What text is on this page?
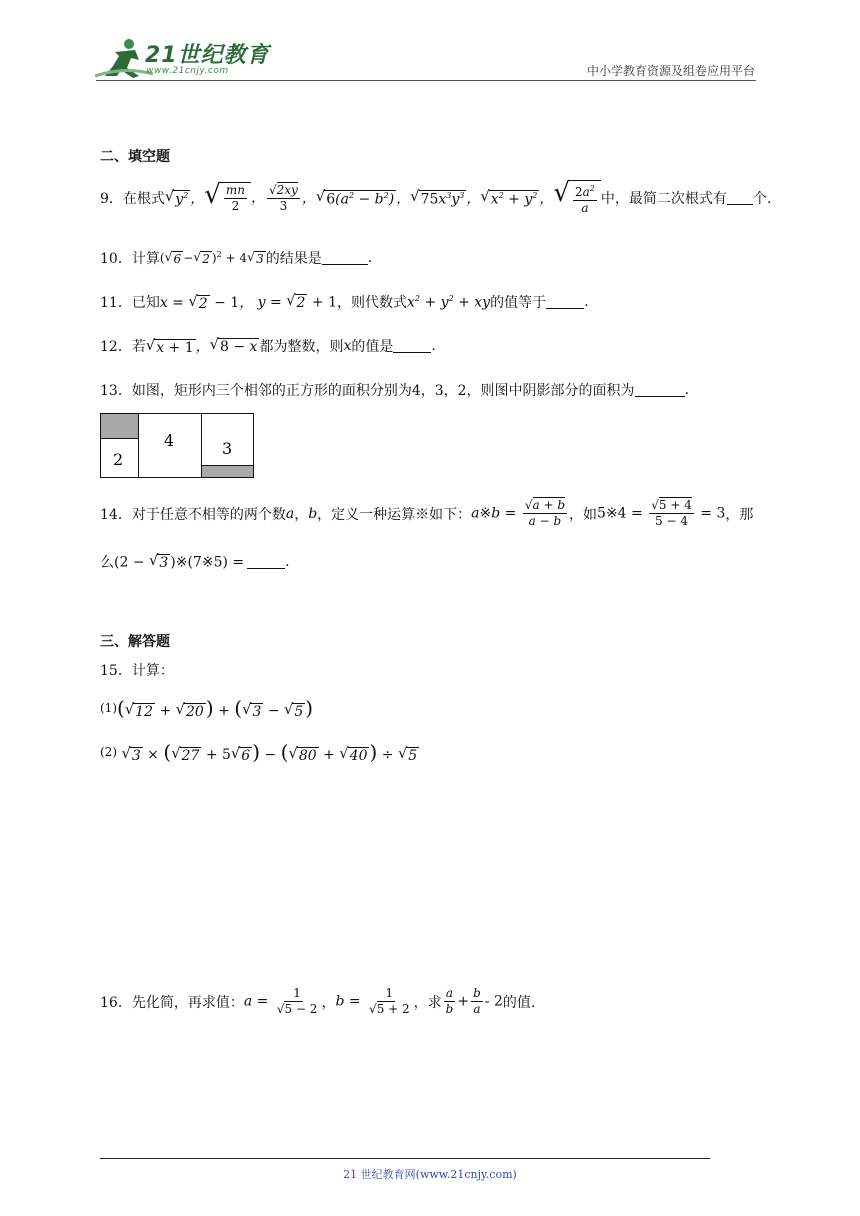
21世纪教育
www.21cnjy.com	中小学教育资源及组卷应用平台
二、填空题
9． 在根式 √ $y^2$ ， √ $\frac{mn}{2}$ ， $\frac{√2xy}{3}$ ， √ $6(a^2 - b^2)$ ， √ $75x^3y^3$ ， √ $x^2 + y^2$ ， √ $\frac{2a^2}{a}$ 中，最简二次根式有 个.
10． 计算 ( √ 6 − √ 2 )$^2$ + 4 √ 3 的结果是	.
11． 已知 x = √ 2 − 1， y = √ 2 + 1 ，则代数式 $x^2 + y^2$ + xy 的值等于	.
12． 若 √ x + 1 ， √ 8 − x 都为整数，则 x 的值是	.
13． 如图，矩形内三个相邻的正方形的面积分别为4，3，2，则图中阴影部分的面积为	.
2
4	3
14． 对于任意不相等的两个数 a ， b ，定义一种运算※如下： a※b = $\frac{√a + b}{a - b}$ ，如 5※4 = $\frac{√5 + 4}{5 - 4} = 3$ ，那
么 (2 − √ 3 )※(7※5) =	.
三、解答题
15． 计算：
(1) ( √ 12 + √ 20 ) + ( √ 3 − √ 5 )
(2)
√ 3 × ( √ 27 + 5 √ 6 ) − ( √ 80 + √ 40 ) ÷ √ 5
16． 先化简，再求值： $a = \frac{1}{√5 - 2}$ ， $b = \frac{1}{√5 + 2}$ ，求 $\frac{a}{b} + \frac{b}{a} - 2$ 的值.
21 世纪教育网(www.21cnjy.com)
